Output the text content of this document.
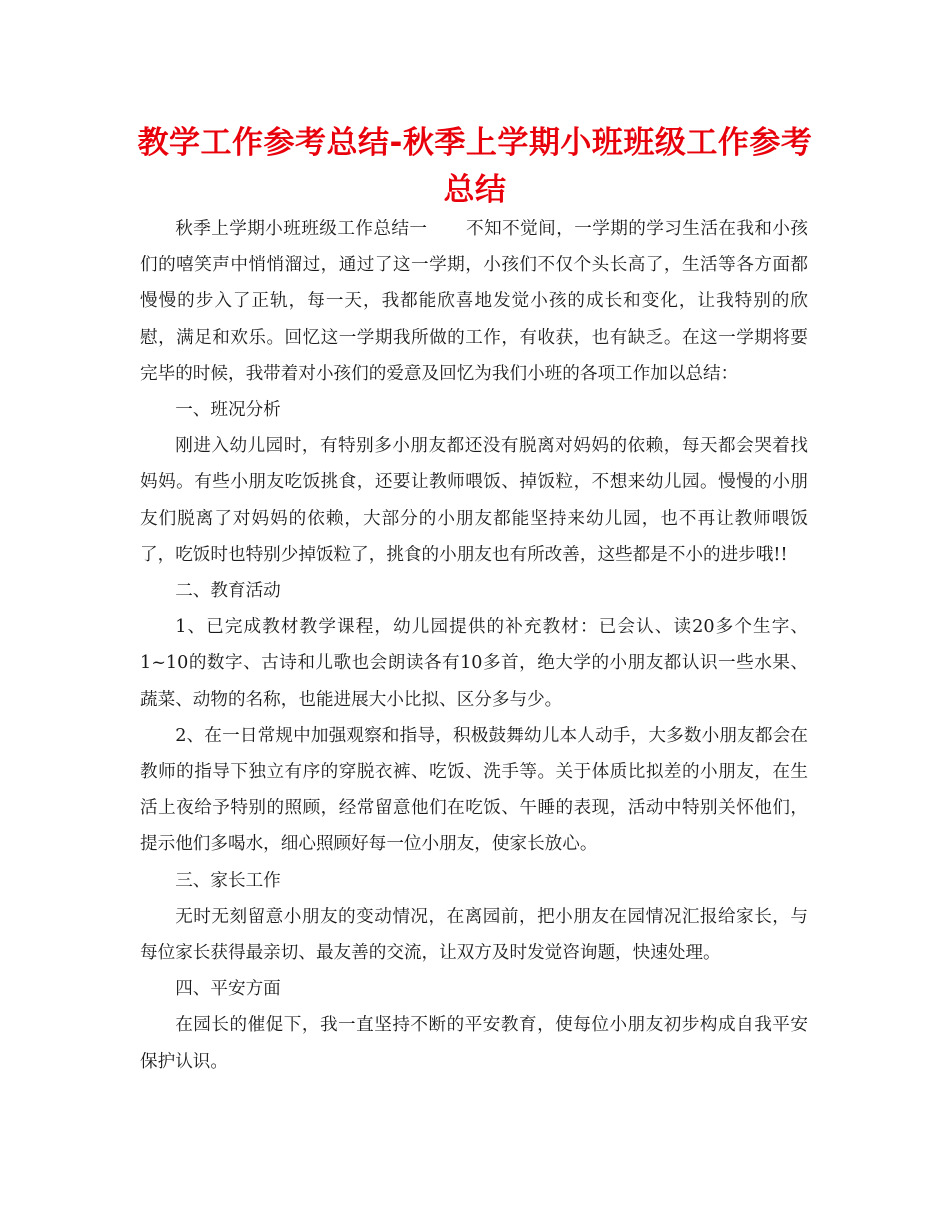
教学工作参考总结-秋季上学期小班班级工作参考总结

秋季上学期小班班级工作总结一 不知不觉间，一学期的学习生活在我和小孩们的嘻笑声中悄悄溜过，通过了这一学期，小孩们不仅个头长高了，生活等各方面都慢慢的步入了正轨，每一天，我都能欣喜地发觉小孩的成长和变化，让我特别的欣慰，满足和欢乐。回忆这一学期我所做的工作，有收获，也有缺乏。在这一学期将要完毕的时候，我带着对小孩们的爱意及回忆为我们小班的各项工作加以总结：

一、班况分析

刚进入幼儿园时，有特别多小朋友都还没有脱离对妈妈的依赖，每天都会哭着找妈妈。有些小朋友吃饭挑食，还要让教师喂饭、掉饭粒，不想来幼儿园。慢慢的小朋友们脱离了对妈妈的依赖，大部分的小朋友都能坚持来幼儿园，也不再让教师喂饭了，吃饭时也特别少掉饭粒了，挑食的小朋友也有所改善，这些都是不小的进步哦!!

二、教育活动

1、已完成教材教学课程，幼儿园提供的补充教材：已会认、读20多个生字、1~10的数字、古诗和儿歌也会朗读各有10多首，绝大学的小朋友都认识一些水果、蔬菜、动物的名称，也能进展大小比拟、区分多与少。

2、在一日常规中加强观察和指导，积极鼓舞幼儿本人动手，大多数小朋友都会在教师的指导下独立有序的穿脱衣裤、吃饭、洗手等。关于体质比拟差的小朋友，在生活上夜给予特别的照顾，经常留意他们在吃饭、午睡的表现，活动中特别关怀他们，提示他们多喝水，细心照顾好每一位小朋友，使家长放心。

三、家长工作

无时无刻留意小朋友的变动情况，在离园前，把小朋友在园情况汇报给家长，与每位家长获得最亲切、最友善的交流，让双方及时发觉咨询题，快速处理。

四、平安方面

在园长的催促下，我一直坚持不断的平安教育，使每位小朋友初步构成自我平安保护认识。
